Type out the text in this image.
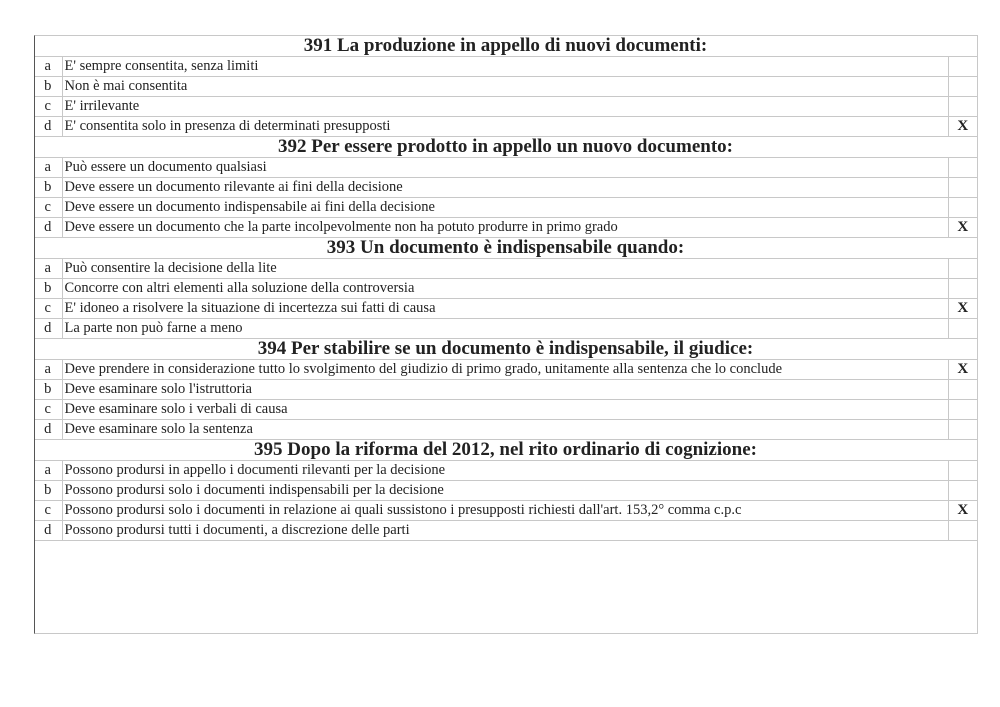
391 La produzione in appello di nuovi documenti:		
a	E' sempre consentita, senza limiti	
b	Non è mai consentita	
c	E' irrilevante	
d	E' consentita solo in presenza di determinati presupposti	X
392 Per essere prodotto in appello un nuovo documento:		
a	Può essere un documento qualsiasi	
b	Deve essere un documento rilevante ai fini della decisione	
c	Deve essere un documento indispensabile ai fini della decisione	
d	Deve essere un documento che la parte incolpevolmente non ha potuto produrre in primo grado	X
393 Un documento è indispensabile quando:		
a	Può consentire la decisione della lite	
b	Concorre con altri elementi alla soluzione della controversia	
c	E' idoneo a risolvere la situazione di incertezza sui fatti di causa	X
d	La parte non può farne a meno	
394 Per stabilire se un documento è indispensabile, il giudice:		
a	Deve prendere in considerazione tutto lo svolgimento del giudizio di primo grado, unitamente alla sentenza che lo conclude	X
b	Deve esaminare solo l'istruttoria	
c	Deve esaminare solo i verbali di causa	
d	Deve esaminare solo la sentenza	
395 Dopo la riforma del 2012, nel rito ordinario di cognizione:		
a	Possono prodursi in appello i documenti rilevanti per la decisione	
b	Possono prodursi solo i documenti indispensabili per la decisione	
c	Possono prodursi solo i documenti in relazione ai quali sussistono i presupposti richiesti dall'art. 153,2° comma c.p.c	X
d	Possono prodursi tutti i documenti, a discrezione delle parti	
